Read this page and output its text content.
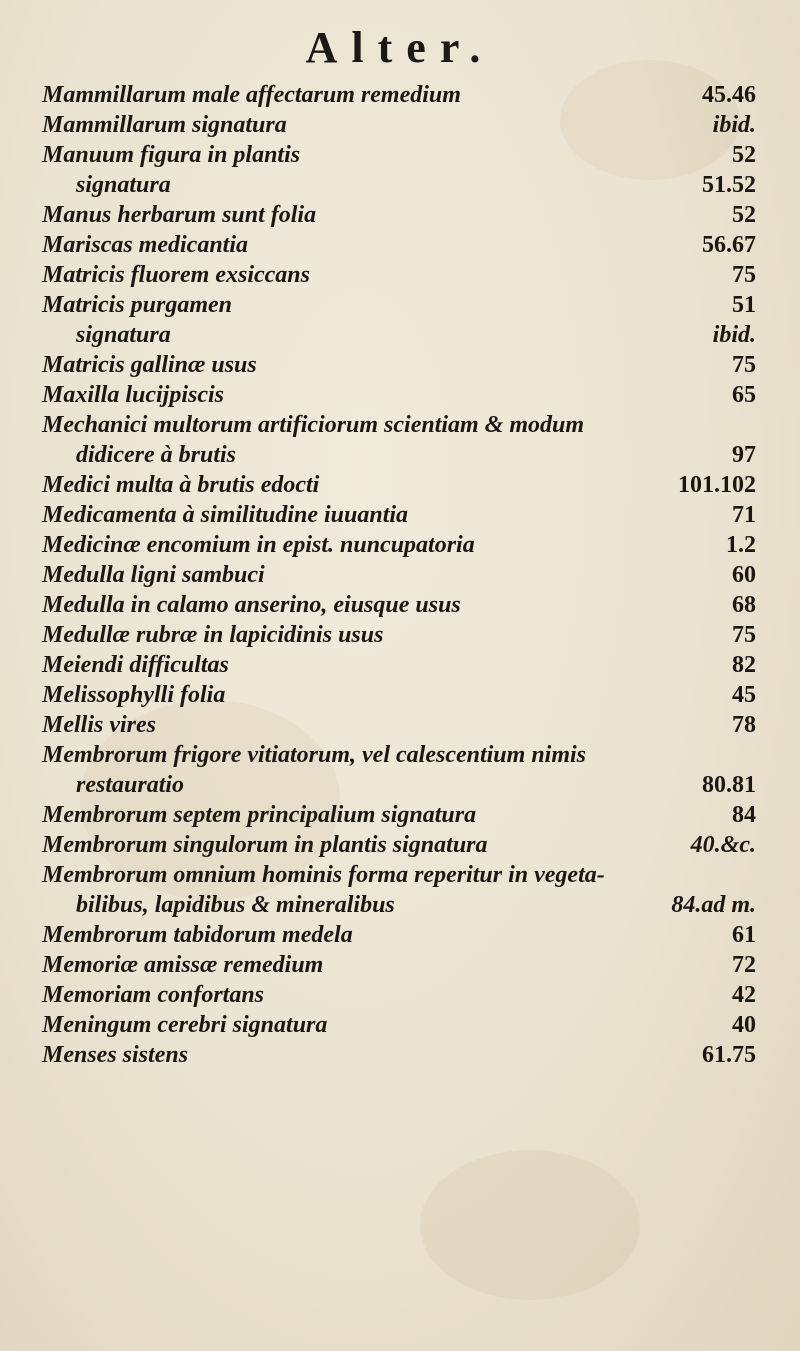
Alter.
Mammillarum male affectarum remedium	45.46
Mammillarum signatura	ibid.
Manuum figura in plantis	52
signatura	51.52
Manus herbarum sunt folia	52
Mariscas medicantia	56.67
Matricis fluorem exsiccans	75
Matricis purgamen	51
signatura	ibid.
Matricis gallinæ usus	75
Maxilla lucijpiscis	65
Mechanici multorum artificiorum scientiam & modum
didicere à brutis	97
Medici multa à brutis edocti	101.102
Medicamenta à similitudine iuuantia	71
Medicinæ encomium in epist. nuncupatoria	1.2
Medulla ligni sambuci	60
Medulla in calamo anserino, eiusque usus	68
Medullæ rubræ in lapicidinis usus	75
Meiendi difficultas	82
Melissophylli folia	45
Mellis vires	78
Membrorum frigore vitiatorum, vel calescentium nimis
restauratio	80.81
Membrorum septem principalium signatura	84
Membrorum singulorum in plantis signatura	40.&c.
Membrorum omnium hominis forma reperitur in vegeta-
bilibus, lapidibus & mineralibus	84.ad m.
Membrorum tabidorum medela	61
Memoriæ amissæ remedium	72
Memoriam confortans	42
Meningum cerebri signatura	40
Menses sistens	61.75
